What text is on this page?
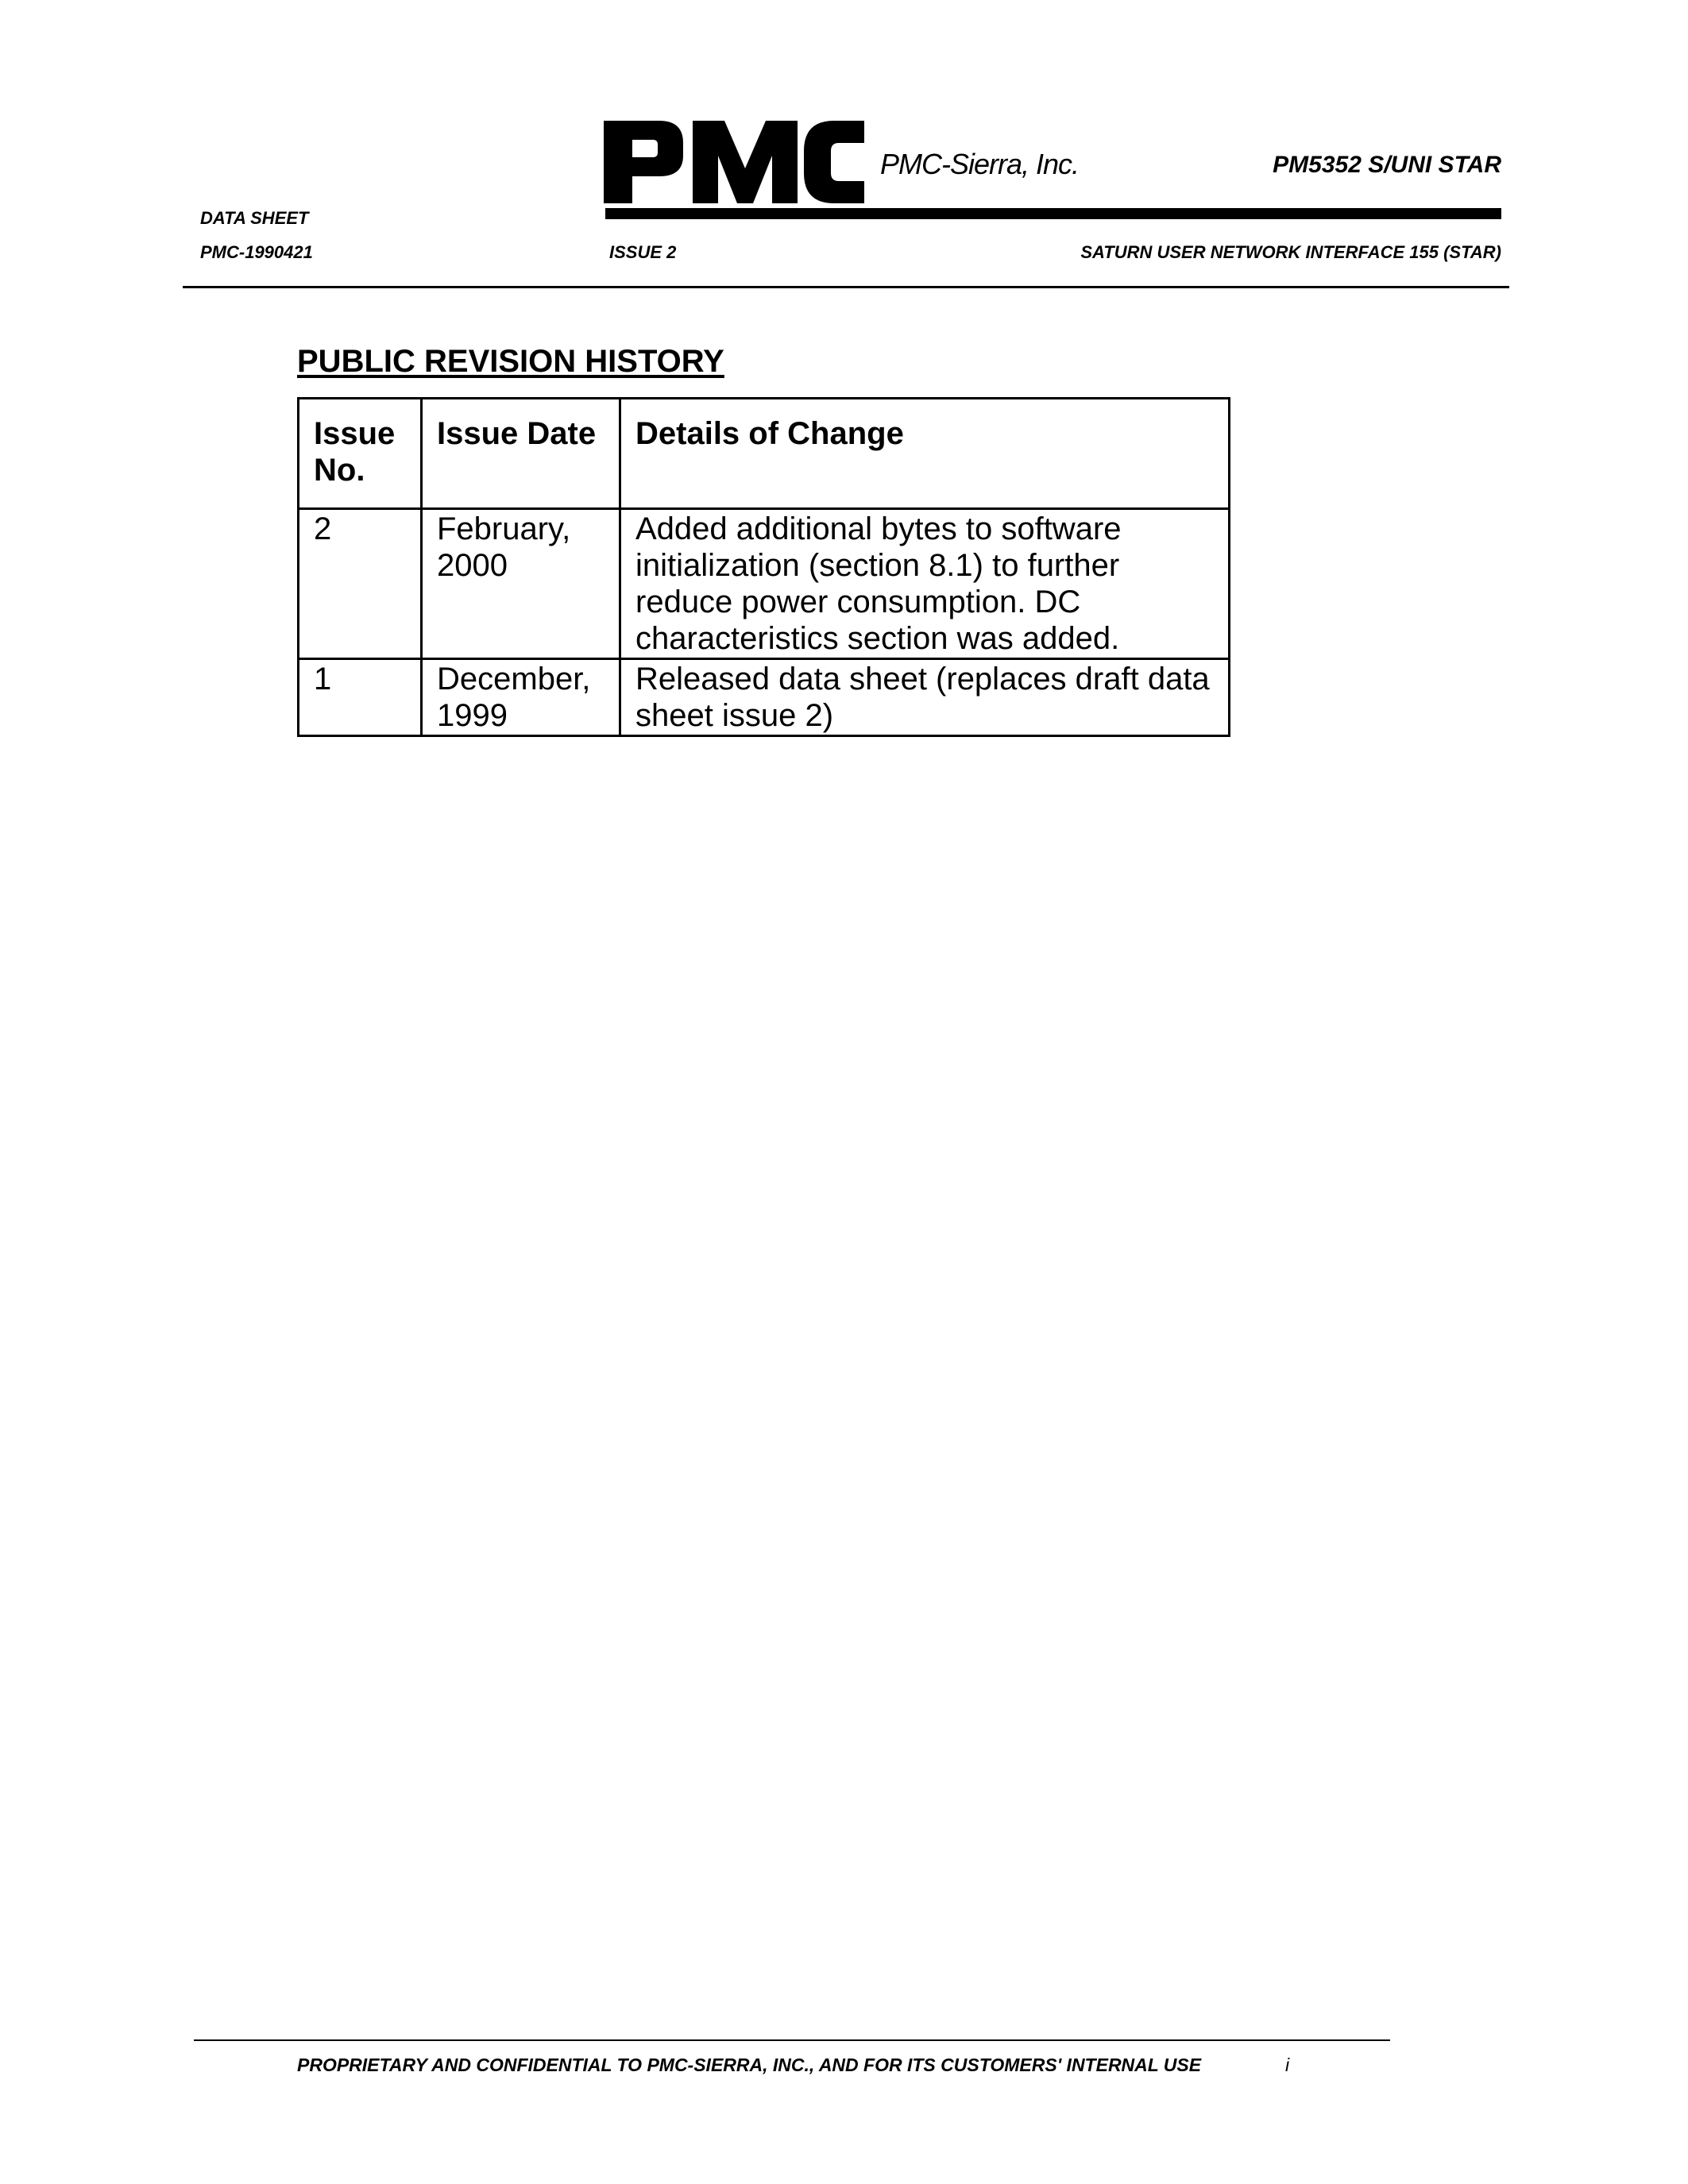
PMC-Sierra, Inc.	PM5352 S/UNI STAR
DATA SHEET
PMC-1990421	ISSUE 2	SATURN USER NETWORK INTERFACE 155 (STAR)
PUBLIC REVISION HISTORY
Issue No.	Issue Date	Details of Change
2	February, 2000	Added additional bytes to software initialization (section 8.1) to further reduce power consumption. DC characteristics section was added.
1	December, 1999	Released data sheet (replaces draft data sheet issue 2)
PROPRIETARY AND CONFIDENTIAL TO PMC-SIERRA, INC., AND FOR ITS CUSTOMERS' INTERNAL USE	i
